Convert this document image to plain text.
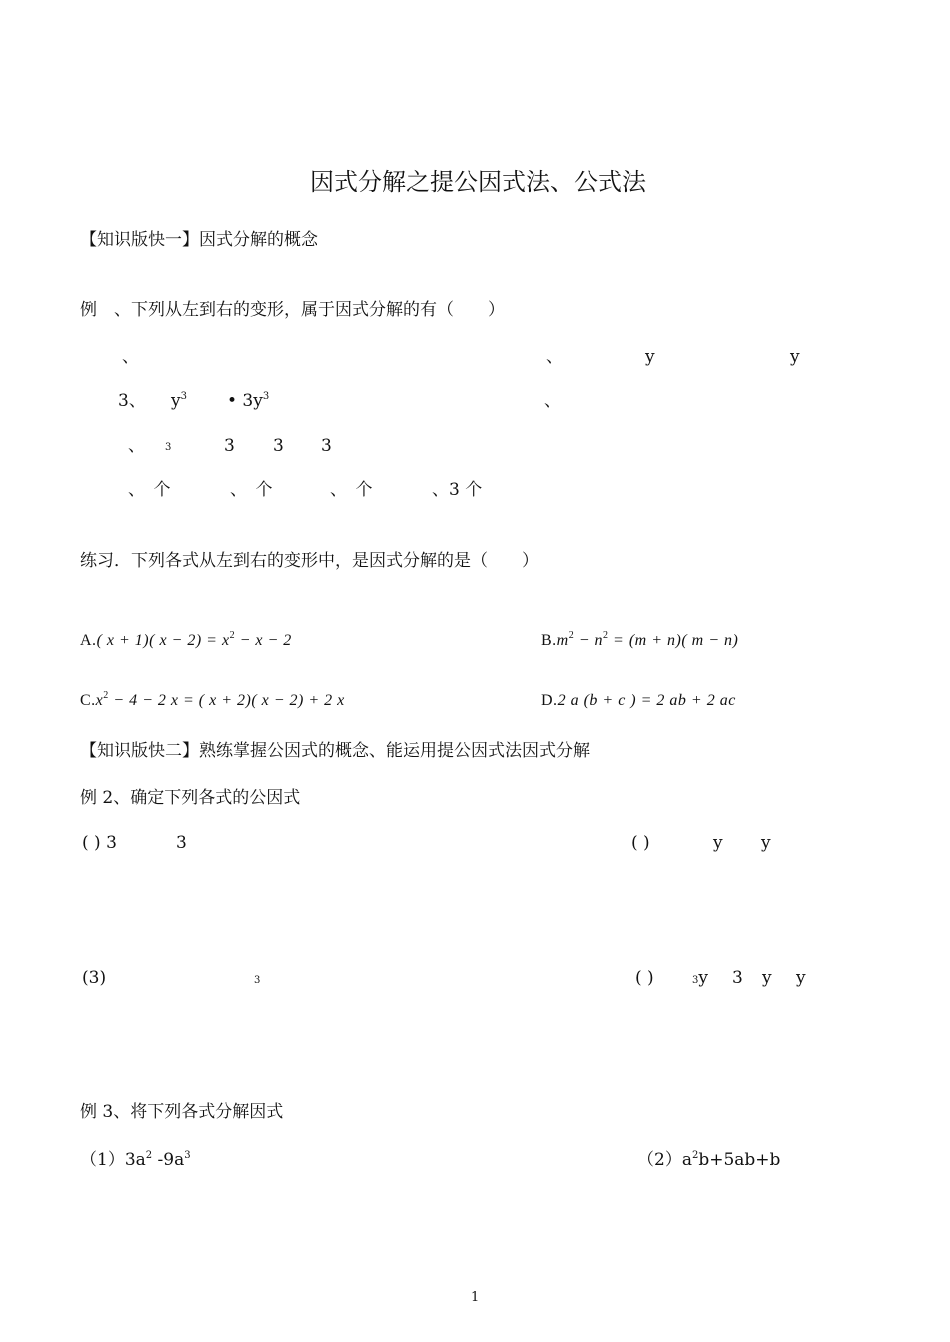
因式分解之提公因式法、公式法
【知识版快一】因式分解的概念
例　、下列从左到右的变形，属于因式分解的有（　　）
、	、	y	y
3、 $y^3$ • $3y^3$	、
、 3	3 3 3
、　个	、　个	、　个	、3 个
练习．下列各式从左到右的变形中，是因式分解的是（　　）
A.( x + 1)( $x - 2) = x^2 - x - 2$	$B.m^2 - n^2 = (m + n)$( m − n)
$C.x^2 - 4 - 2$ x = ( x + 2)( x − 2) + 2 x	D.2 a (b + c ) = 2 ab + 2 ac
【知识版快二】熟练掌握公因式的概念、能运用提公因式法因式分解
例 2、确定下列各式的公因式
( ) 3	3	( )	y y
(3)	3	( )	3y 3 y y
例 3、将下列各式分解因式
$(1)3a^2$ $-9a^3$	$(2)a^2b+5ab+b$
1
